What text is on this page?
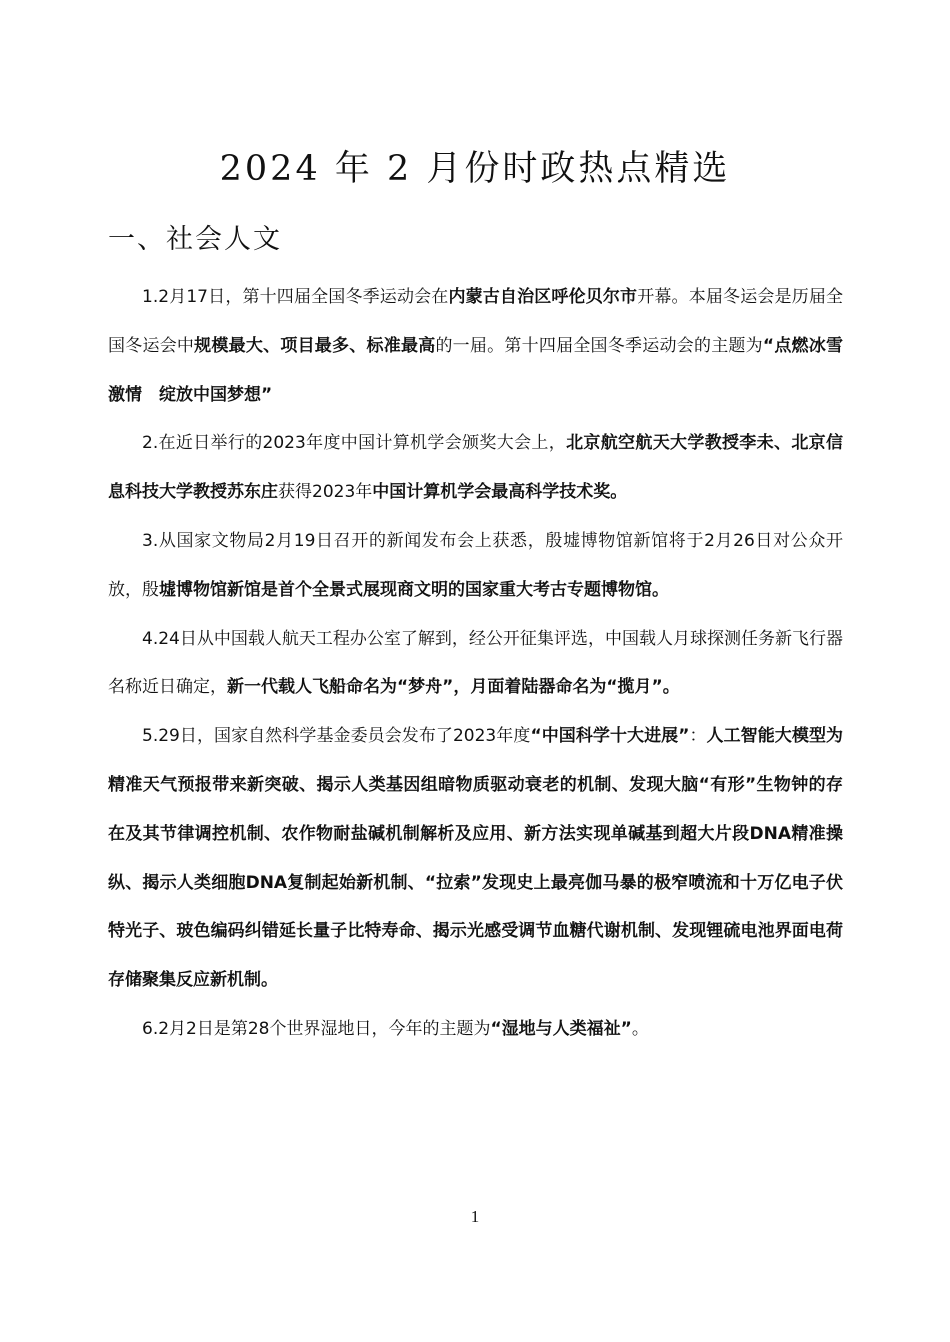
2024 年 2 月份时政热点精选
一、社会人文

1.2月17日，第十四届全国冬季运动会在内蒙古自治区呼伦贝尔市开幕。本届冬运会是历届全国冬运会中规模最大、项目最多、标准最高的一届。第十四届全国冬季运动会的主题为“点燃冰雪激情　绽放中国梦想”

2.在近日举行的2023年度中国计算机学会颁奖大会上，北京航空航天大学教授李未、北京信息科技大学教授苏东庄获得2023年中国计算机学会最高科学技术奖。

3.从国家文物局2月19日召开的新闻发布会上获悉，殷墟博物馆新馆将于2月26日对公众开放，殷墟博物馆新馆是首个全景式展现商文明的国家重大考古专题博物馆。

4.24日从中国载人航天工程办公室了解到，经公开征集评选，中国载人月球探测任务新飞行器名称近日确定，新一代载人飞船命名为“梦舟”，月面着陆器命名为“揽月”。

5.29日，国家自然科学基金委员会发布了2023年度“中国科学十大进展”：人工智能大模型为精准天气预报带来新突破、揭示人类基因组暗物质驱动衰老的机制、发现大脑“有形”生物钟的存在及其节律调控机制、农作物耐盐碱机制解析及应用、新方法实现单碱基到超大片段DNA精准操纵、揭示人类细胞DNA复制起始新机制、“拉索”发现史上最亮伽马暴的极窄喷流和十万亿电子伏特光子、玻色编码纠错延长量子比特寿命、揭示光感受调节血糖代谢机制、发现锂硫电池界面电荷存储聚集反应新机制。

6.2月2日是第28个世界湿地日，今年的主题为“湿地与人类福祉”。

1
